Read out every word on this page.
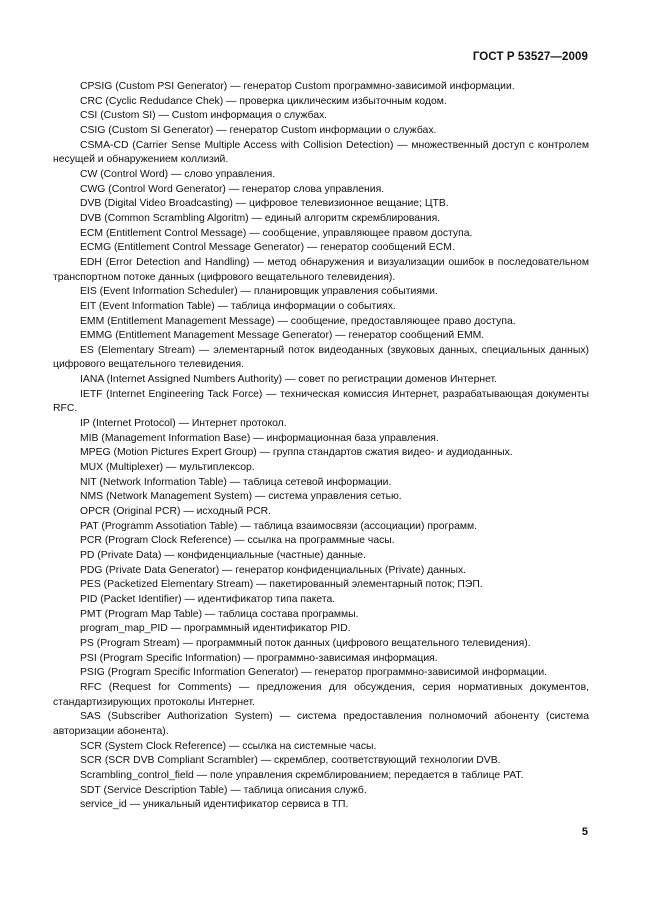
ГОСТ Р 53527—2009

CPSIG (Custom PSI Generator) — генератор Custom программно-зависимой информации.

CRC (Cyclic Redudance Chek) — проверка циклическим избыточным кодом.

CSI (Custom SI) — Custom информация о службах.

CSIG (Custom SI Generator) — генератор Custom информации о службах.

CSMA-CD (Carrier Sense Multiple Access with Collision Detection) — множественный доступ с контролем несущей и обнаружением коллизий.

CW (Control Word) — слово управления.

CWG (Control Word Generator) — генератор слова управления.

DVB (Digital Video Broadcasting) — цифровое телевизионное вещание; ЦТВ.

DVB (Common Scrambling Algoritm) — единый алгоритм скремблирования.

ECM (Entitlement Control Message) — сообщение, управляющее правом доступа.

ECMG (Entitlement Control Message Generator) — генератор сообщений ECM.

EDH (Error Detection and Handling) — метод обнаружения и визуализации ошибок в последовательном транспортном потоке данных (цифрового вещательного телевидения).

EIS (Event Information Scheduler) — планировщик управления событиями.

EIT (Event Information Table) — таблица информации о событиях.

EMM (Entitlement Management Message) — сообщение, предоставляющее право доступа.

EMMG (Entitlement Management Message Generator) — генератор сообщений EMM.

ES (Elementary Stream) — элементарный поток видеоданных (звуковых данных, специальных данных) цифрового вещательного телевидения.

IANA (Internet Assigned Numbers Authority) — совет по регистрации доменов Интернет.

IETF (Internet Engineering Tack Force) — техническая комиссия Интернет, разрабатывающая документы RFC.

IP (Internet Protocol) — Интернет протокол.

MIB (Management Information Base) — информационная база управления.

MPEG (Motion Pictures Expert Group) — группа стандартов сжатия видео- и аудиоданных.

MUX (Multiplexer) — мультиплексор.

NIT (Network Information Table) — таблица сетевой информации.

NMS (Network Management System) — система управления сетью.

OPCR (Original PCR) — исходный PCR.

PAT (Programm Assotiation Table) — таблица взаимосвязи (ассоциации) программ.

PCR (Program Clock Reference) — ссылка на программные часы.

PD (Private Data) — конфиденциальные (частные) данные.

PDG (Private Data Generator) — генератор конфиденциальных (Private) данных.

PES (Packetized Elementary Stream) — пакетированный элементарный поток; ПЭП.

PID (Packet Identifier) — идентификатор типа пакета.

PMT (Program Map Table) — таблица состава программы.

program_map_PID — программный идентификатор PID.

PS (Program Stream) — программный поток данных (цифрового вещательного телевидения).

PSI (Program Specific Information) — программно-зависимая информация.

PSIG (Program Specific Information Generator) — генератор программно-зависимой информации.

RFC (Request for Comments) — предложения для обсуждения, серия нормативных документов, стандартизирующих протоколы Интернет.

SAS (Subscriber Authorization System) — система предоставления полномочий абоненту (система авторизации абонента).

SCR (System Clock Reference) — ссылка на системные часы.

SCR (SCR DVB Compliant Scrambler) — скремблер, соответствующий технологии DVB.

Scrambling_control_field — поле управления скремблированием; передается в таблице PAT.

SDT (Service Description Table) — таблица описания служб.

service_id — уникальный идентификатор сервиса в ТП.

5
